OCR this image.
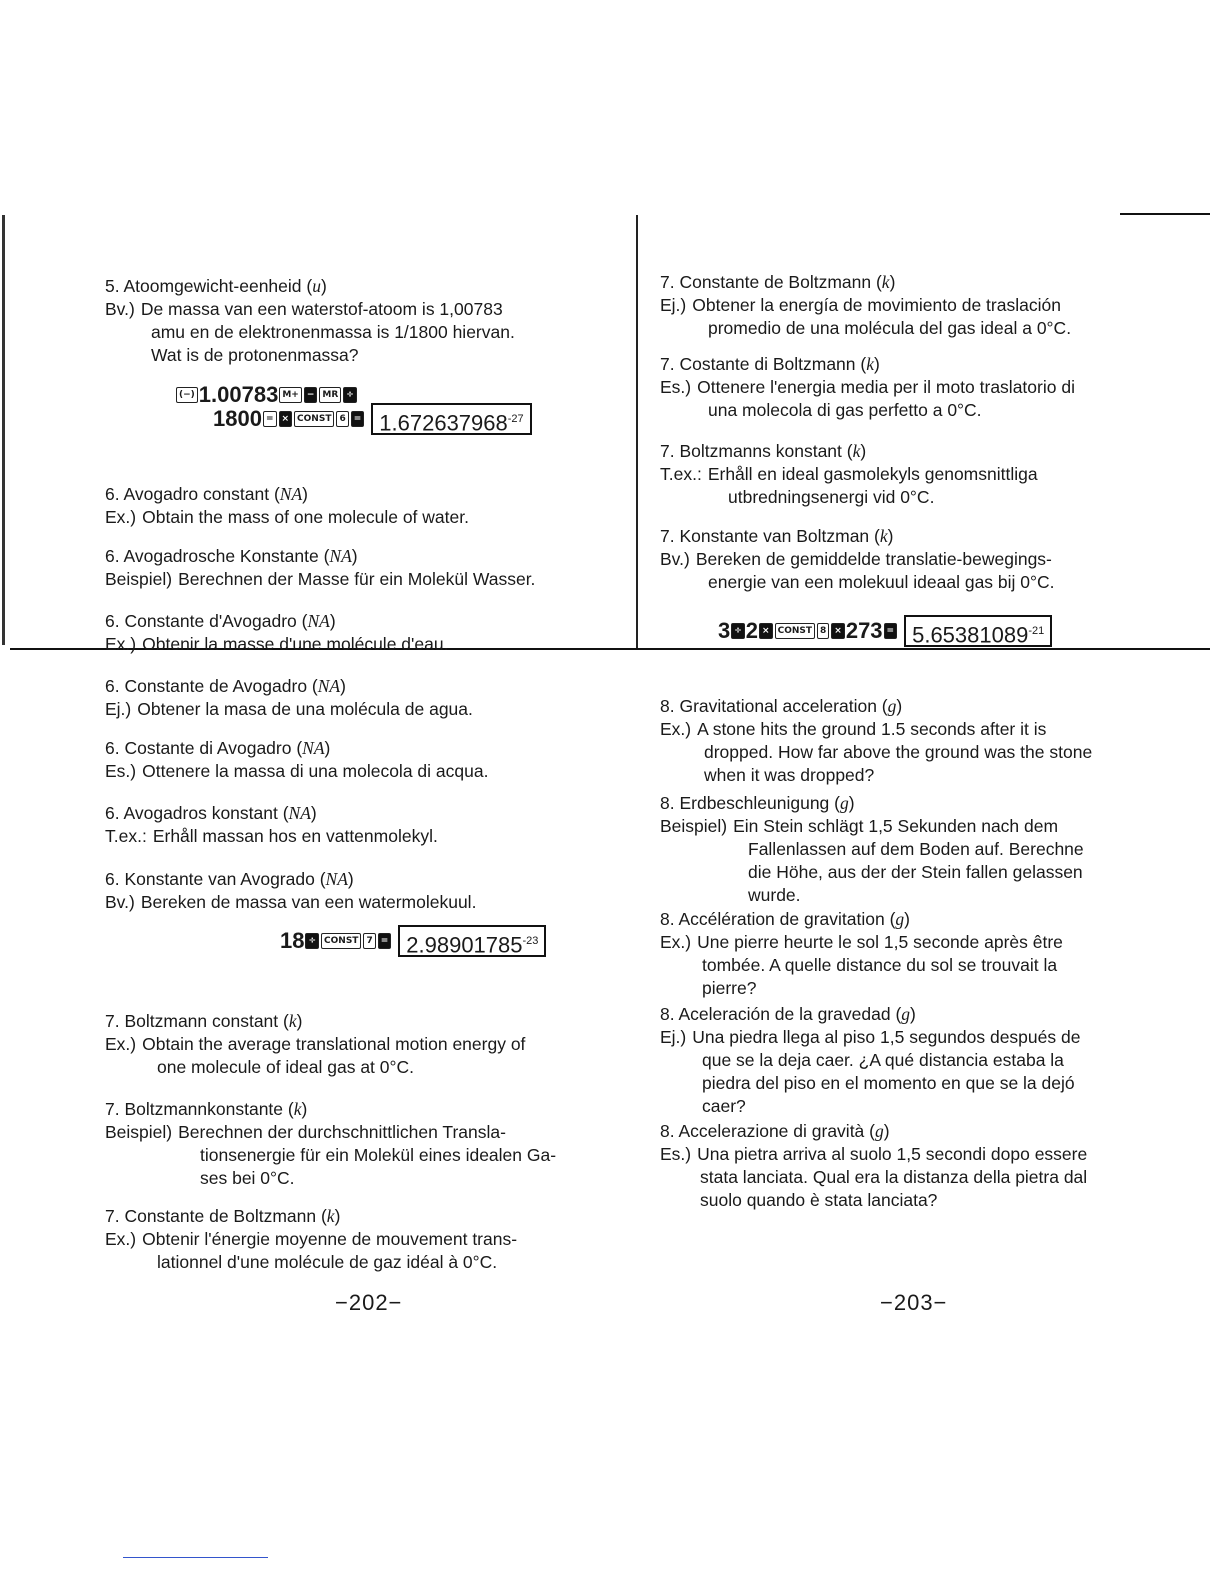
5. Atoomgewicht-eenheid (u)
Bv.) De massa van een waterstof-atoom is 1,00783
amu en de elektronenmassa is 1/1800 hiervan.
Wat is de protonenmassa?
(−) 1.00783 M+ − MR ÷
1800 = × CONST $6 = 1.672637968^{-27}$
6. Avogadro constant (NA)
Ex.) Obtain the mass of one molecule of water.
6. Avogadrosche Konstante (NA)
Beispiel) Berechnen der Masse für ein Molekül Wasser.
6. Constante d'Avogadro (NA)
Ex.) Obtenir la masse d'une molécule d'eau.
6. Constante de Avogadro (NA)
Ej.) Obtener la masa de una molécula de agua.
6. Costante di Avogadro (NA)
Es.) Ottenere la massa di una molecola di acqua.
6. Avogadros konstant (NA)
T.ex.: Erhåll massan hos en vattenmolekyl.
6. Konstante van Avograd​o (NA)
Bv.) Bereken de massa van een watermolekuul.
18 ÷ CONST $7 = 2.98901785^{-23}$
7. Boltzmann constant (k)
Ex.) Obtain the average translational motion energy of
one molecule of ideal gas at 0°C.
7. Boltzmannkonstante (k)
Beispiel) Berechnen der durchschnittlichen Transla-
tionsenergie für ein Molekül eines idealen Ga-
ses bei 0°C.
7. Constante de Boltzmann (k)
Ex.) Obtenir l'énergie moyenne de mouvement trans-
lationnel d'une molécule de gaz idéal à 0°C.
−202−
7. Constante de Boltzmann (k)
Ej.) Obtener la energía de movimiento de traslación
promedio de una molécula del gas ideal a 0°C.
7. Costante di Boltzmann (k)
Es.) Ottenere l'energia media per il moto traslatorio di
una molecola di gas perfetto a 0°C.
7. Boltzmanns konstant (k)
T.ex.: Erhåll en ideal gasmolekyls genomsnittliga
utbredningsenergi vid 0°C.
7. Konstante van Boltzman (k)
Bv.) Bereken de gemiddelde translatie-bewegings-
energie van een molekuul ideaal gas bij 0°C.
3 ÷ 2 × CONST $8 \times 273 = 5.65381089^{-21}$
8. Gravitational acceleration (g)
Ex.) A stone hits the ground 1.5 seconds after it is
dropped. How far above the ground was the stone
when it was dropped?
8. Erdbeschleunigung (g)
Beispiel) Ein Stein schlägt 1,5 Sekunden nach dem
Fallenlassen auf dem Boden auf. Berechne
die Höhe, aus der der Stein fallen gelassen
wurde.
8. Accélération de gravitation (g)
Ex.) Une pierre heurte le sol 1,5 seconde après être
tombée. A quelle distance du sol se trouvait la
pierre?
8. Aceleración de la gravedad (g)
Ej.) Una piedra llega al piso 1,5 segundos después de
que se la deja caer. ¿A qué distancia estaba la
piedra del piso en el momento en que se la dejó
caer?
8. Accelerazione di gravità (g)
Es.) Una pietra arriva al suolo 1,5 secondi dopo essere
stata lanciata. Qual era la distanza della pietra dal
suolo quando è stata lanciata?
−203−
